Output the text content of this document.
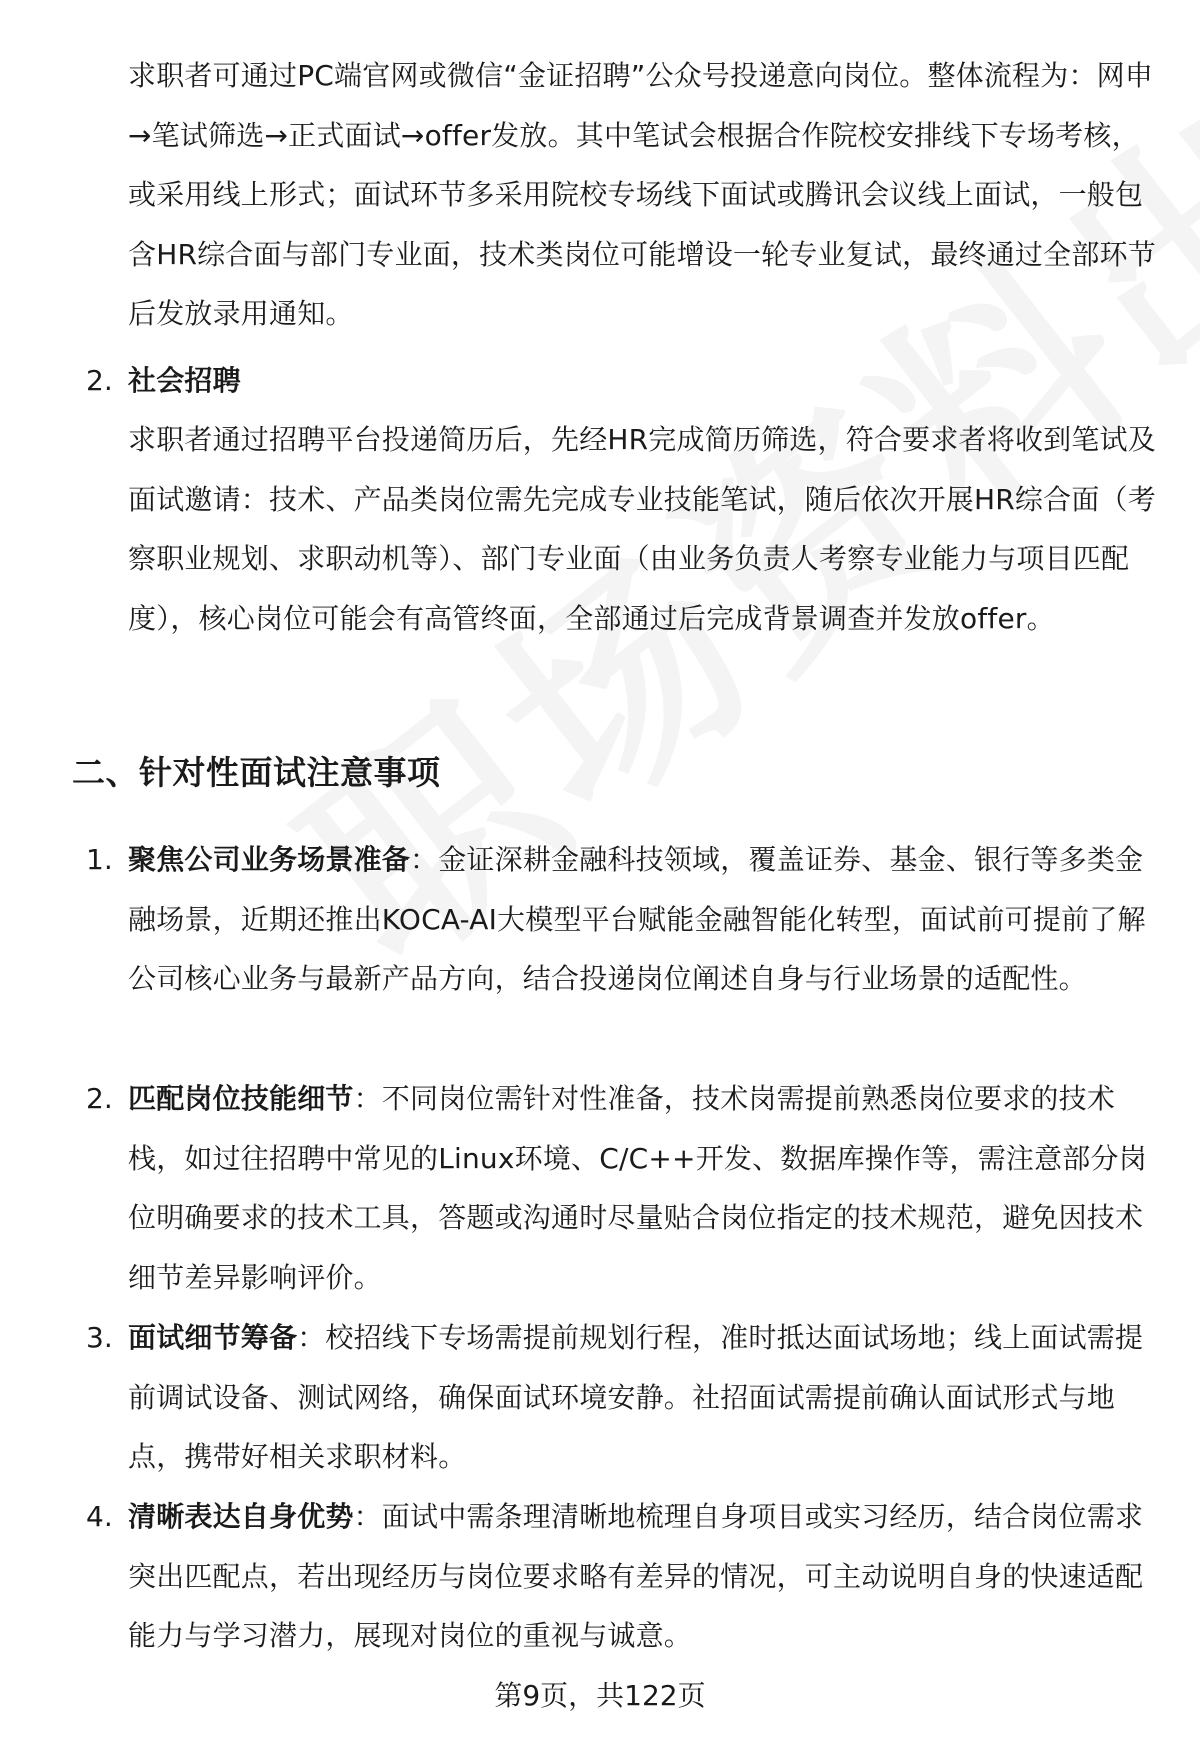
求职者可通过PC端官网或微信“金证招聘”公众号投递意向岗位。整体流程为：网申→笔试筛选→正式面试→offer发放。其中笔试会根据合作院校安排线下专场考核，或采用线上形式；面试环节多采用院校专场线下面试或腾讯会议线上面试，一般包含HR综合面与部门专业面，技术类岗位可能增设一轮专业复试，最终通过全部环节后发放录用通知。
2. 社会招聘
求职者通过招聘平台投递简历后，先经HR完成简历筛选，符合要求者将收到笔试及面试邀请：技术、产品类岗位需先完成专业技能笔试，随后依次开展HR综合面（考察职业规划、求职动机等）、部门专业面（由业务负责人考察专业能力与项目匹配度），核心岗位可能会有高管终面，全部通过后完成背景调查并发放offer。
二、针对性面试注意事项
1. 聚焦公司业务场景准备：金证深耕金融科技领域，覆盖证券、基金、银行等多类金融场景，近期还推出KOCA-AI大模型平台赋能金融智能化转型，面试前可提前了解公司核心业务与最新产品方向，结合投递岗位阐述自身与行业场景的适配性。
2. 匹配岗位技能细节：不同岗位需针对性准备，技术岗需提前熟悉岗位要求的技术栈，如过往招聘中常见的Linux环境、C/C++开发、数据库操作等，需注意部分岗位明确要求的技术工具，答题或沟通时尽量贴合岗位指定的技术规范，避免因技术细节差异影响评价。
3. 面试细节筹备：校招线下专场需提前规划行程，准时抵达面试场地；线上面试需提前调试设备、测试网络，确保面试环境安静。社招面试需提前确认面试形式与地点，携带好相关求职材料。
4. 清晰表达自身优势：面试中需条理清晰地梳理自身项目或实习经历，结合岗位需求突出匹配点，若出现经历与岗位要求略有差异的情况，可主动说明自身的快速适配能力与学习潜力，展现对岗位的重视与诚意。
第9页，共122页
